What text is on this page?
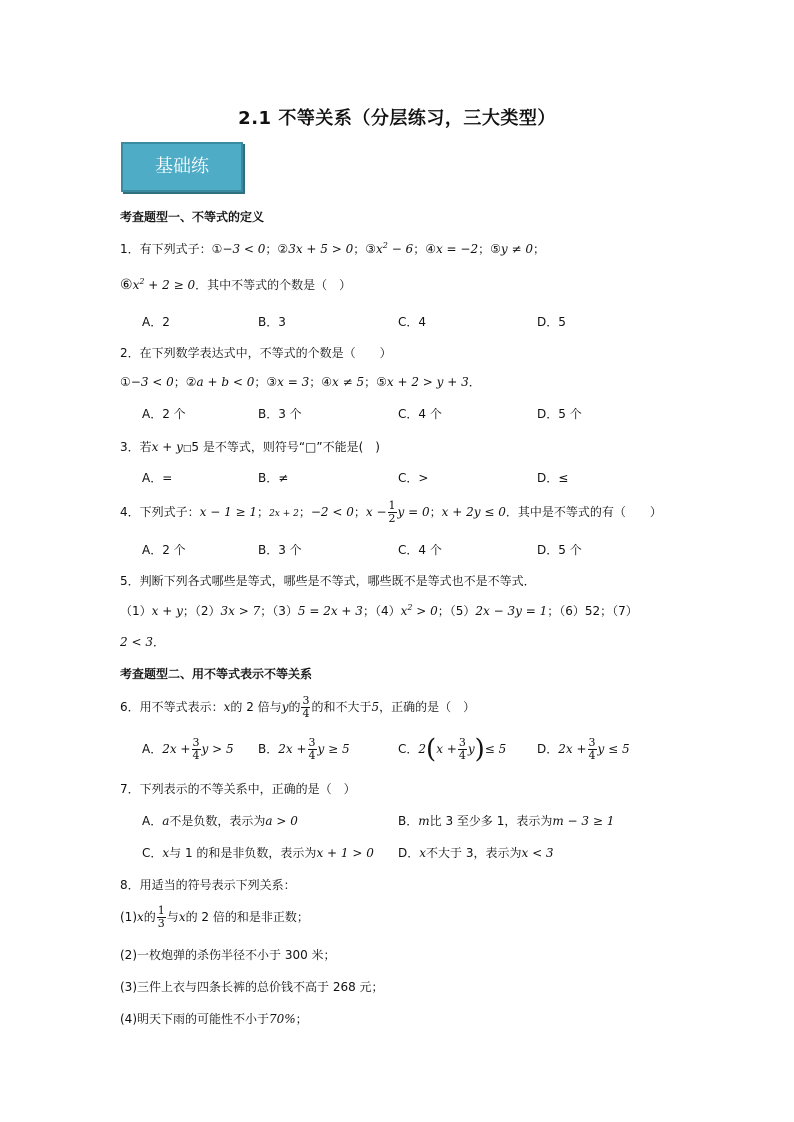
2.1 不等关系（分层练习，三大类型）
基础练
考查题型一、不等式的定义
1．有下列式子：①−3 < 0；②3x + 5 > 0；$③x^2 - 6$；④x = −2；⑤y ≠ 0；
$⑥x^2 + 2 \ge 0$．其中不等式的个数是（　）
A．2	B．3	C．4	D．5
2．在下列数学表达式中，不等式的个数是（　　）
①−3 < 0；②a + b < 0；③x = 3；④x ≠ 5；⑤x + 2 > y + 3．
A．2 个	B．3 个	C．4 个	D．5 个
3．若x + y□5 是不等式，则符号“□”不能是(　)
A．=	B．≠	C．>	D．≤
4．下列式子：x − 1 ≥ 1；2x + 2；−2 < 0；$x - \frac{1}{2}$ y = 0；x + 2y ≤ 0．其中是不等式的有（　　）
A．2 个	B．3 个	C．4 个	D．5 个
5．判断下列各式哪些是等式，哪些是不等式，哪些既不是等式也不是不等式．
（1）x + y；（2）3x > 7；（3）5 = 2x + 3；$(4)x^2 > 0$；（5）2x − 3y = 1；（6）52；（7）
2 < 3．
考查题型二、用不等式表示不等关系
6．用不等式表示：x的 2 倍与y的 $\frac{3}{4}$ 的和不大于5，正确的是（　）
A．$2x + \frac{3}{4}$ y > 5 B．$2x + \frac{3}{4}$ y ≥ 5	C．$2(x + \frac{3}{4} y)\le 5$	D．$2x + \frac{3}{4}$ y ≤ 5
7．下列表示的不等关系中，正确的是（　）
A．a不是负数，表示为a > 0	B．m比 3 至少多 1，表示为m − 3 ≥ 1
C．x与 1 的和是非负数，表示为x + 1 > 0 D．x不大于 3，表示为x < 3
8．用适当的符号表示下列关系：
(1)x的 $\frac{1}{3}$ 与x的 2 倍的和是非正数；
(2)一枚炮弹的杀伤半径不小于 300 米；
(3)三件上衣与四条长裤的总价钱不高于 268 元；
(4)明天下雨的可能性不小于70%；
